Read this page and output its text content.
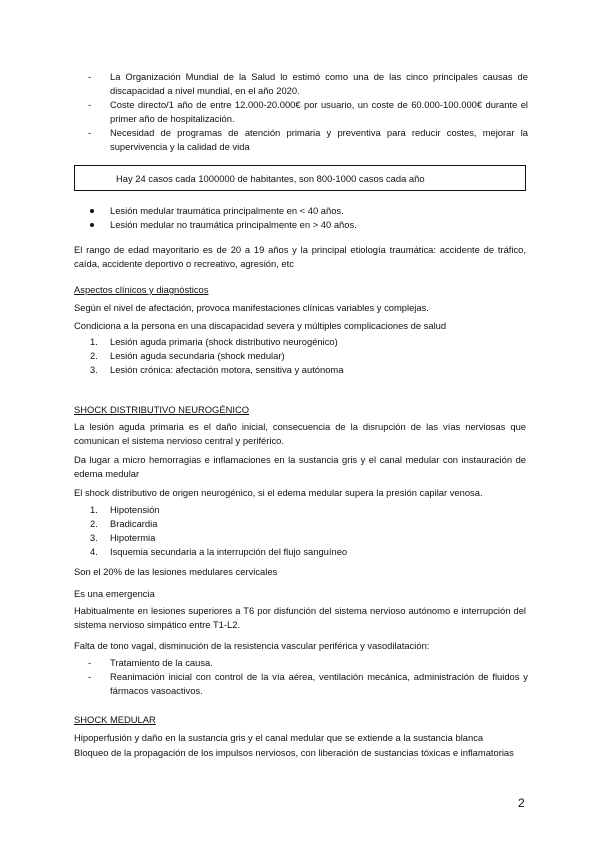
- La Organización Mundial de la Salud lo estimó como una de las cinco principales causas de discapacidad a nivel mundial, en el año 2020.
- Coste directo/1 año de entre 12.000-20.000€ por usuario, un coste de 60.000-100.000€ durante el primer año de hospitalización.
- Necesidad de programas de atención primaria y preventiva para reducir costes, mejorar la supervivencia y la calidad de vida
Hay 24 casos cada 1000000 de habitantes, son 800-1000 casos cada año
Lesión medular traumática principalmente en < 40 años.
Lesión medular no traumática principalmente en > 40 años.

El rango de edad mayoritario es de 20 a 19 años y la principal etiología traumática: accidente de tráfico, caída, accidente deportivo o recreativo, agresión, etc

Aspectos clínicos y diagnósticos

Según el nivel de afectación, provoca manifestaciones clínicas variables y complejas.

Condiciona a la persona en una discapacidad severa y múltiples complicaciones de salud

1. Lesión aguda primaria (shock distributivo neurogénico)
2. Lesión aguda secundaria (shock medular)
3. Lesión crónica: afectación motora, sensitiva y autónoma

SHOCK DISTRIBUTIVO NEUROGÉNICO

La lesión aguda primaria es el daño inicial, consecuencia de la disrupción de las vías nerviosas que comunican el sistema nervioso central y periférico.

Da lugar a micro hemorragias e inflamaciones en la sustancia gris y el canal medular con instauración de edema medular

El shock distributivo de origen neurogénico, si el edema medular supera la presión capilar venosa.

1. Hipotensión
2. Bradicardia
3. Hipotermia
4. Isquemia secundaria a la interrupción del flujo sanguíneo

Son el 20% de las lesiones medulares cervicales

Es una emergencia

Habitualmente en lesiones superiores a T6 por disfunción del sistema nervioso autónomo e interrupción del sistema nervioso simpático entre T1-L2.

Falta de tono vagal, disminución de la resistencia vascular periférica y vasodilatación:

- Tratamiento de la causa.
- Reanimación inicial con control de la vía aérea, ventilación mecánica, administración de fluidos y fármacos vasoactivos.

SHOCK MEDULAR

Hipoperfusión y daño en la sustancia gris y el canal medular que se extiende a la sustancia blanca

Bloqueo de la propagación de los impulsos nerviosos, con liberación de sustancias tóxicas e inflamatorias

2
